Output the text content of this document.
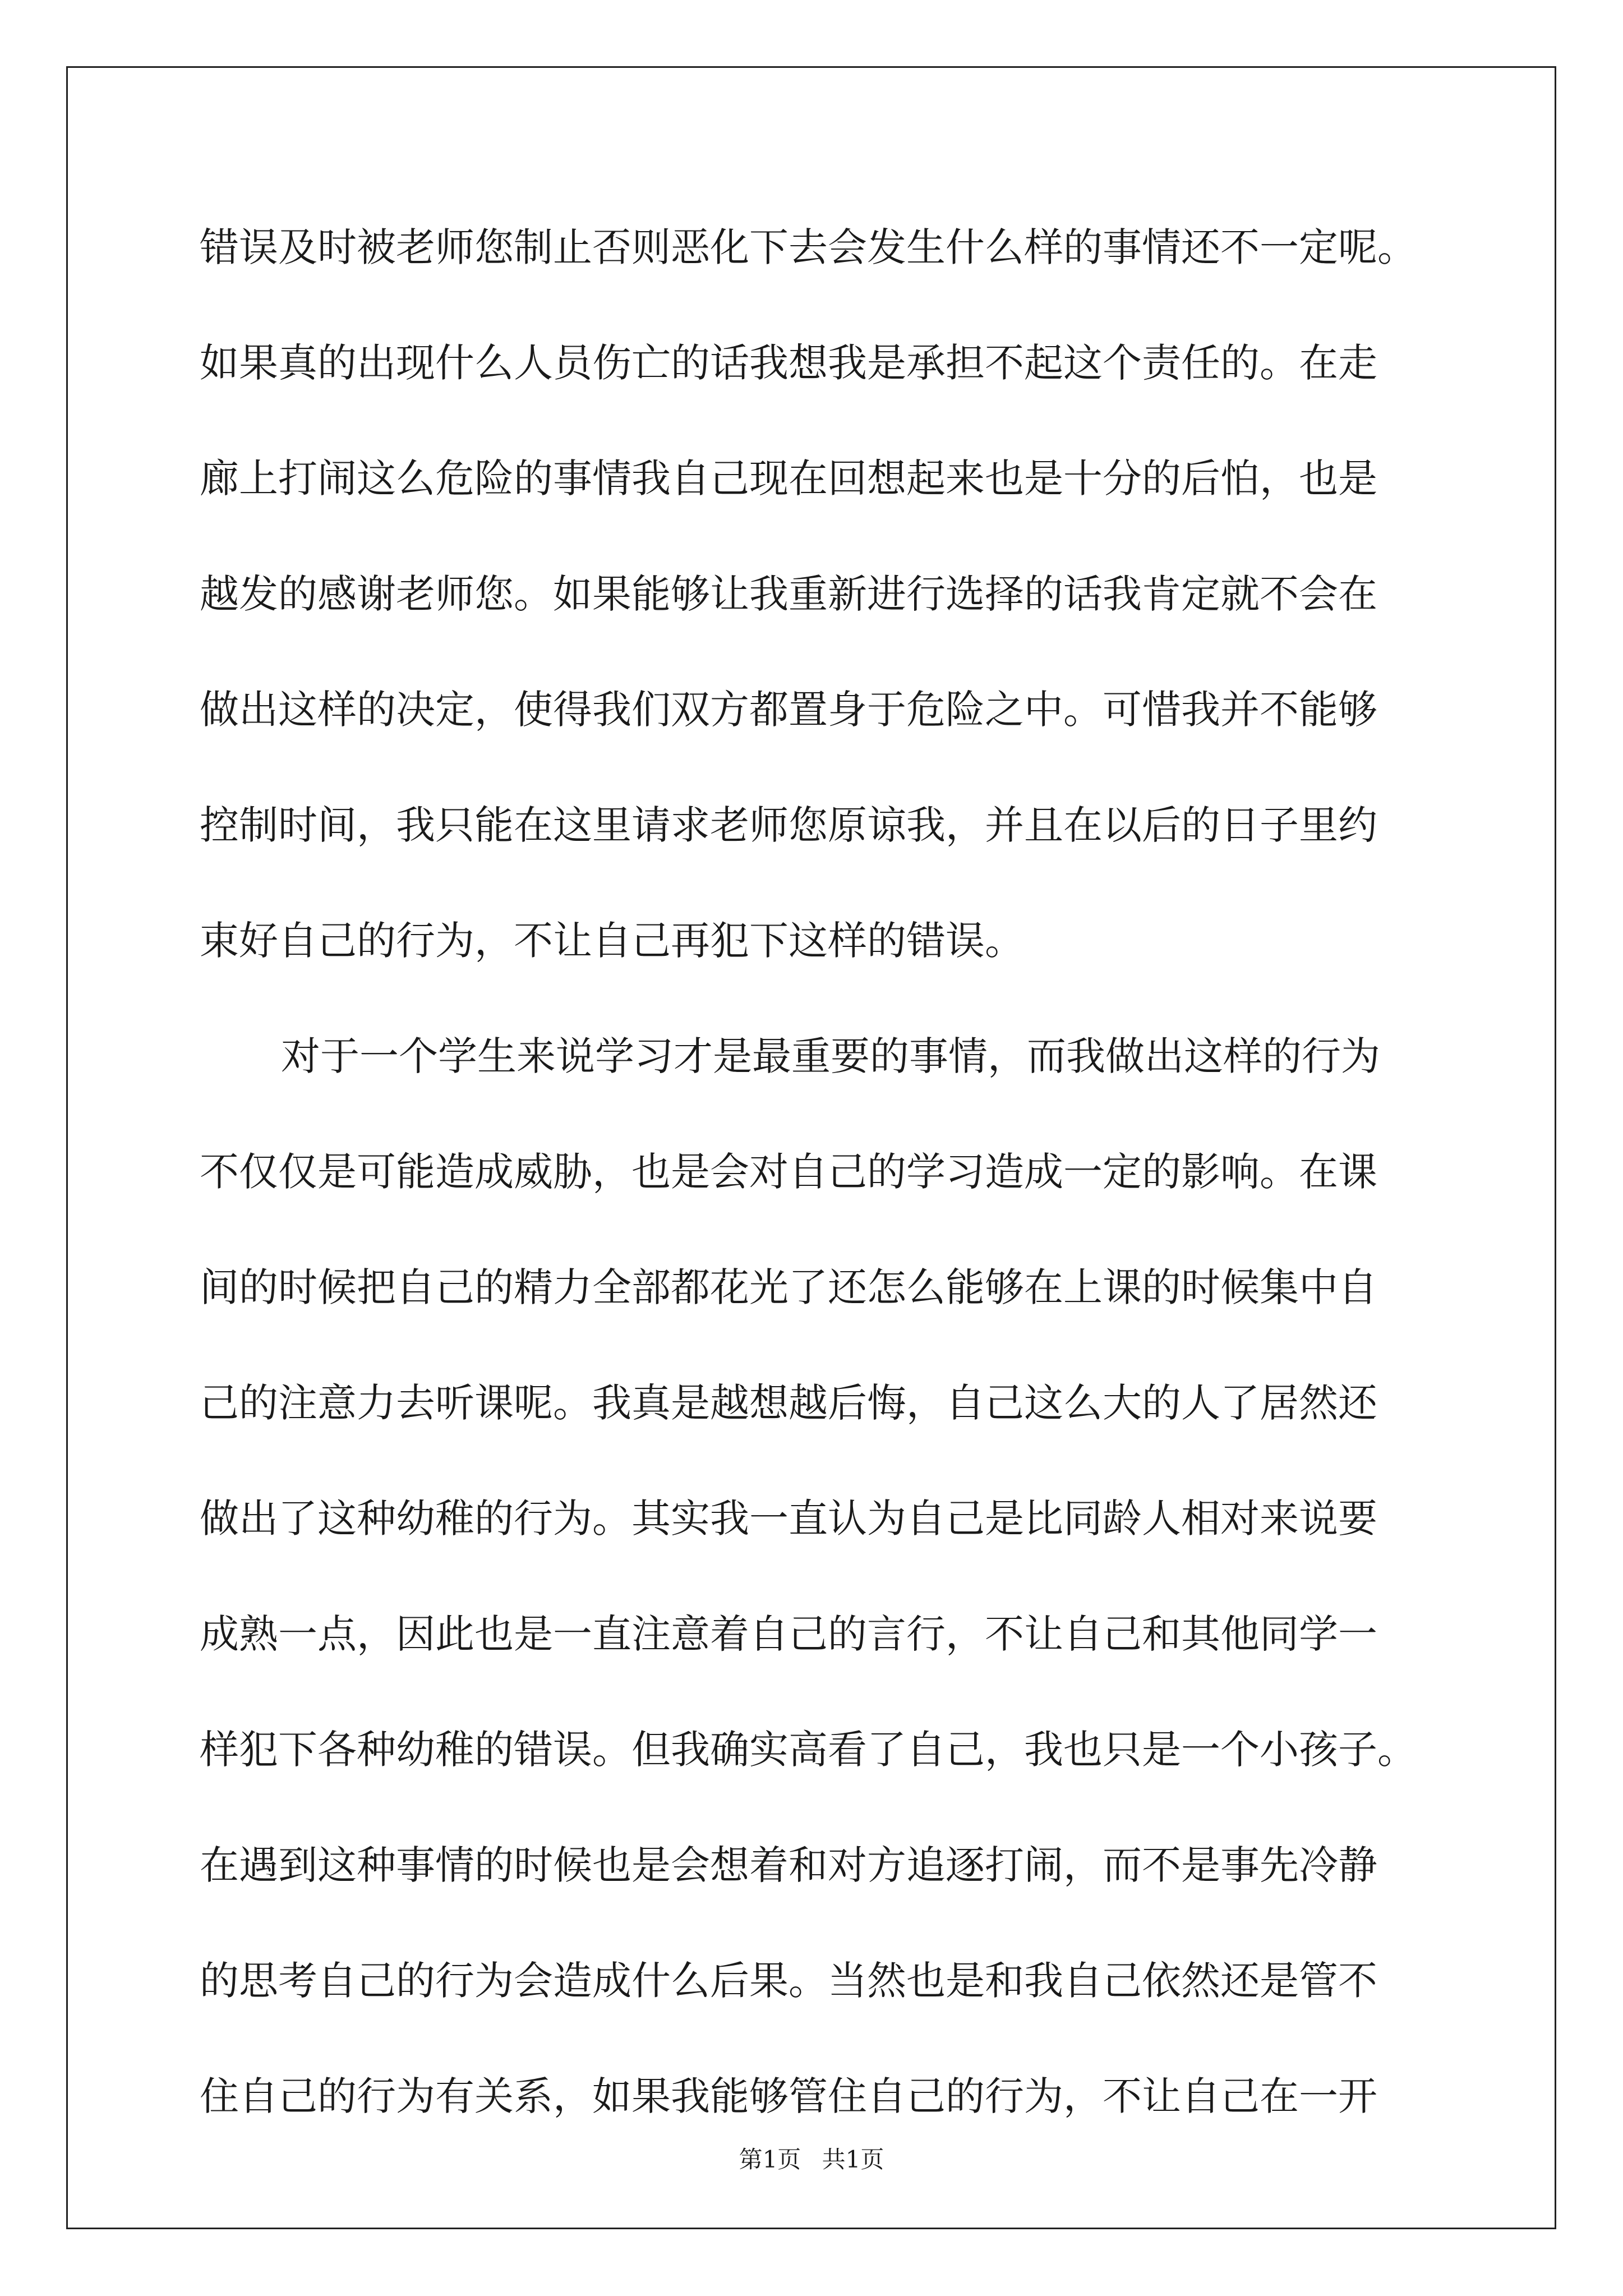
错误及时被老师您制止否则恶化下去会发生什么样的事情还不一定呢。
如果真的出现什么人员伤亡的话我想我是承担不起这个责任的。在走
廊上打闹这么危险的事情我自己现在回想起来也是十分的后怕，也是
越发的感谢老师您。如果能够让我重新进行选择的话我肯定就不会在
做出这样的决定，使得我们双方都置身于危险之中。可惜我并不能够
控制时间，我只能在这里请求老师您原谅我，并且在以后的日子里约
束好自己的行为，不让自己再犯下这样的错误。
对于一个学生来说学习才是最重要的事情，而我做出这样的行为
不仅仅是可能造成威胁，也是会对自己的学习造成一定的影响。在课
间的时候把自己的精力全部都花光了还怎么能够在上课的时候集中自
己的注意力去听课呢。我真是越想越后悔，自己这么大的人了居然还
做出了这种幼稚的行为。其实我一直认为自己是比同龄人相对来说要
成熟一点，因此也是一直注意着自己的言行，不让自己和其他同学一
样犯下各种幼稚的错误。但我确实高看了自己，我也只是一个小孩子。
在遇到这种事情的时候也是会想着和对方追逐打闹，而不是事先冷静
的思考自己的行为会造成什么后果。当然也是和我自己依然还是管不
住自己的行为有关系，如果我能够管住自己的行为，不让自己在一开
第1页 共1页
